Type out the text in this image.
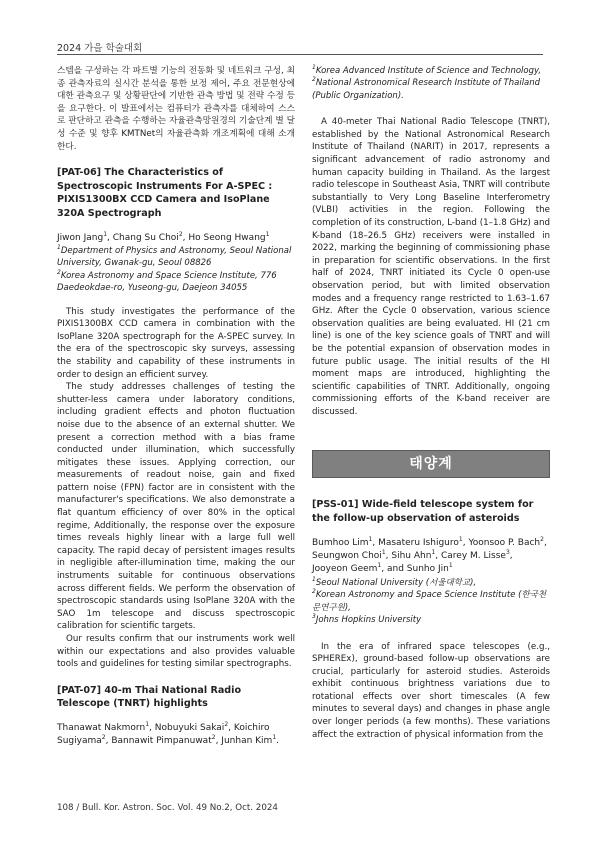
2024 가을 학술대회

스템을 구성하는 각 파트별 기능의 전동화 및 네트워크 구성, 최종 관측자료의 실시간 분석을 통한 보정 제어, 주요 전문현상에 대한 관측요구 및 상황판단에 기반한 관측 방법 및 전략 수정 등을 요구한다. 이 발표에서는 컴퓨터가 관측자를 대체하여 스스로 판단하고 관측을 수행하는 자율관측망원경의 기술단계 별 달성 수준 및 향후 KMTNet의 자율관측화 개조계획에 대해 소개한다.

[PAT-06] The Characteristics of Spectroscopic Instruments For A-SPEC : PIXIS1300BX CCD Camera and IsoPlane 320A Spectrograph
Jiwon Jang$^1$, Chang Su Choi$^2$, Ho Seong Hwang$^1$
$^1$Department of Physics and Astronomy, Seoul National University, Gwanak-gu, Seoul 08826
$^2$Korea Astronomy and Space Science Institute, 776 Daedeokdae-ro, Yuseong-gu, Daejeon 34055

This study investigates the performance of the PIXIS1300BX CCD camera in combination with the IsoPlane 320A spectrograph for the A-SPEC survey. In the era of the spectroscopic sky surveys, assessing the stability and capability of these instruments in order to design an efficient survey.

The study addresses challenges of testing the shutter-less camera under laboratory conditions, including gradient effects and photon fluctuation noise due to the absence of an external shutter. We present a correction method with a bias frame conducted under illumination, which successfully mitigates these issues. Applying correction, our measurements of readout noise, gain and fixed pattern noise (FPN) factor are in consistent with the manufacturer's specifications. We also demonstrate a flat quantum efficiency of over 80% in the optical regime, Additionally, the response over the exposure times reveals highly linear with a large full well capacity. The rapid decay of persistent images results in negligible after-illumination time, making the our instruments suitable for continuous observations across different fields. We perform the observation of spectroscopic standards using IsoPlane 320A with the SAO 1m telescope and discuss spectroscopic calibration for scientific targets.

Our results confirm that our instruments work well within our expectations and also provides valuable tools and guidelines for testing similar spectrographs.

[PAT-07] 40-m Thai National Radio Telescope (TNRT) highlights
Thanawat Nakmorn$^1$, Nobuyuki Sakai$^2$, Koichiro Sugiyama$^2$, Bannawit Pimpanuwat$^2$, Junhan Kim$^1$.
$^1$Korea Advanced Institute of Science and Technology,
$^2$National Astronomical Research Institute of Thailand (Public Organization).

A 40-meter Thai National Radio Telescope (TNRT), established by the National Astronomical Research Institute of Thailand (NARIT) in 2017, represents a significant advancement of radio astronomy and human capacity building in Thailand. As the largest radio telescope in Southeast Asia, TNRT will contribute substantially to Very Long Baseline Interferometry (VLBI) activities in the region. Following the completion of its construction, L-band (1–1.8 GHz) and K-band (18–26.5 GHz) receivers were installed in 2022, marking the beginning of commissioning phase in preparation for scientific observations. In the first half of 2024, TNRT initiated its Cycle 0 open-use observation period, but with limited observation modes and a frequency range restricted to 1.63–1.67 GHz. After the Cycle 0 observation, various science observation qualities are being evaluated. HI (21 cm line) is one of the key science goals of TNRT and will be the potential expansion of observation modes in future public usage. The initial results of the HI moment maps are introduced, highlighting the scientific capabilities of TNRT. Additionally, ongoing commissioning efforts of the K-band receiver are discussed.

태양계
[PSS-01] Wide-field telescope system for the follow-up observation of asteroids
Bumhoo Lim$^1$, Masateru Ishiguro$^1$, Yoonsoo P. Bach$^2$, Seungwon Choi$^1$, Sihu Ahn$^1$, Carey M. Lisse$^3$, Jooyeon Geem$^1$, and Sunho Jin$^1$
$^1$Seoul National University (서울대학교),
$^2$Korean Astronomy and Space Science Institute (한국천문연구원),
$^3$Johns Hopkins University

In the era of infrared space telescopes (e.g., SPHEREx), ground-based follow-up observations are crucial, particularly for asteroid studies. Asteroids exhibit continuous brightness variations due to rotational effects over short timescales (A few minutes to several days) and changes in phase angle over longer periods (a few months). These variations affect the extraction of physical information from the

108 / Bull. Kor. Astron. Soc. Vol. 49 No.2, Oct. 2024
